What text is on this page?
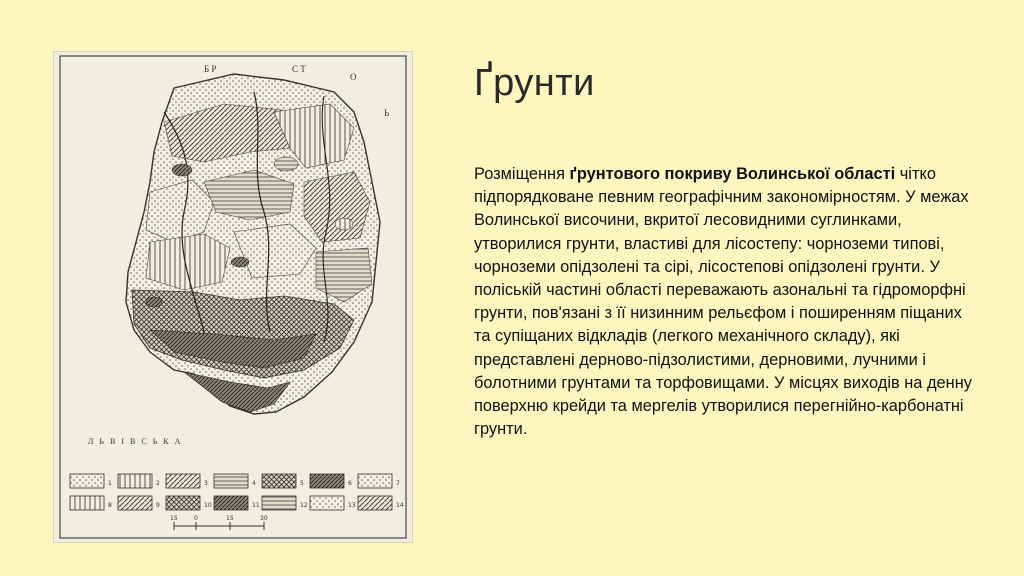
Б Р	С Т
О
Ь
Л Ь В І В С Ь К А
1	2	3	4	5	6	7
8	9	10	11	12	13	14
15	0	15	30
Ґрунти

Розміщення ґрунтового покриву Волинської області чітко підпорядковане певним географічним закономірностям. У межах Волинської височини, вкритої лесовидними суглинками, утворилися грунти, властиві для лісостепу: чорноземи типові, чорноземи опідзолені та сірі, лісостепові опідзолені грунти. У поліській частині області переважають азональні та гідроморфні грунти, пов'язані з її низинним рельєфом і поширенням піщаних та супіщаних відкладів (легкого механічного складу), які представлені дерново-підзолистими, дерновими, лучними і болотними грунтами та торфовищами. У місцях виходів на денну поверхню крейди та мергелів утворилися перегнійно-карбонатні грунти.
